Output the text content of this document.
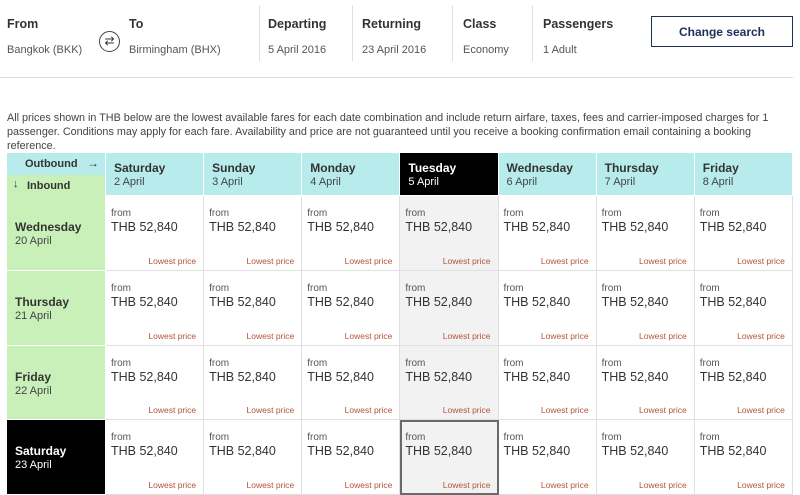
From
Bangkok (BKK)
⇄
To
Birmingham (BHX)
Departing
5 April 2016
Returning
23 April 2016
Class
Economy
Passengers
1 Adult
Change search

All prices shown in THB below are the lowest available fares for each date combination and include return airfare, taxes, fees and carrier-imposed charges for 1 passenger. Conditions may apply for each fare. Availability and price are not guaranteed until you receive a booking confirmation email containing a booking reference.

Outbound →
↓ Inbound
Saturday
2 April
Sunday
3 April
Monday
4 April
Tuesday
5 April
Wednesday
6 April
Thursday
7 April
Friday
8 April
Wednesday
20 April
from
THB 52,840
Lowest price
from
THB 52,840
Lowest price
from
THB 52,840
Lowest price
from
THB 52,840
Lowest price
from
THB 52,840
Lowest price
from
THB 52,840
Lowest price
from
THB 52,840
Lowest price
Thursday
21 April
from
THB 52,840
Lowest price
from
THB 52,840
Lowest price
from
THB 52,840
Lowest price
from
THB 52,840
Lowest price
from
THB 52,840
Lowest price
from
THB 52,840
Lowest price
from
THB 52,840
Lowest price
Friday
22 April
from
THB 52,840
Lowest price
from
THB 52,840
Lowest price
from
THB 52,840
Lowest price
from
THB 52,840
Lowest price
from
THB 52,840
Lowest price
from
THB 52,840
Lowest price
from
THB 52,840
Lowest price
Saturday
23 April
from
THB 52,840
Lowest price
from
THB 52,840
Lowest price
from
THB 52,840
Lowest price
from
THB 52,840
Lowest price
from
THB 52,840
Lowest price
from
THB 52,840
Lowest price
from
THB 52,840
Lowest price
